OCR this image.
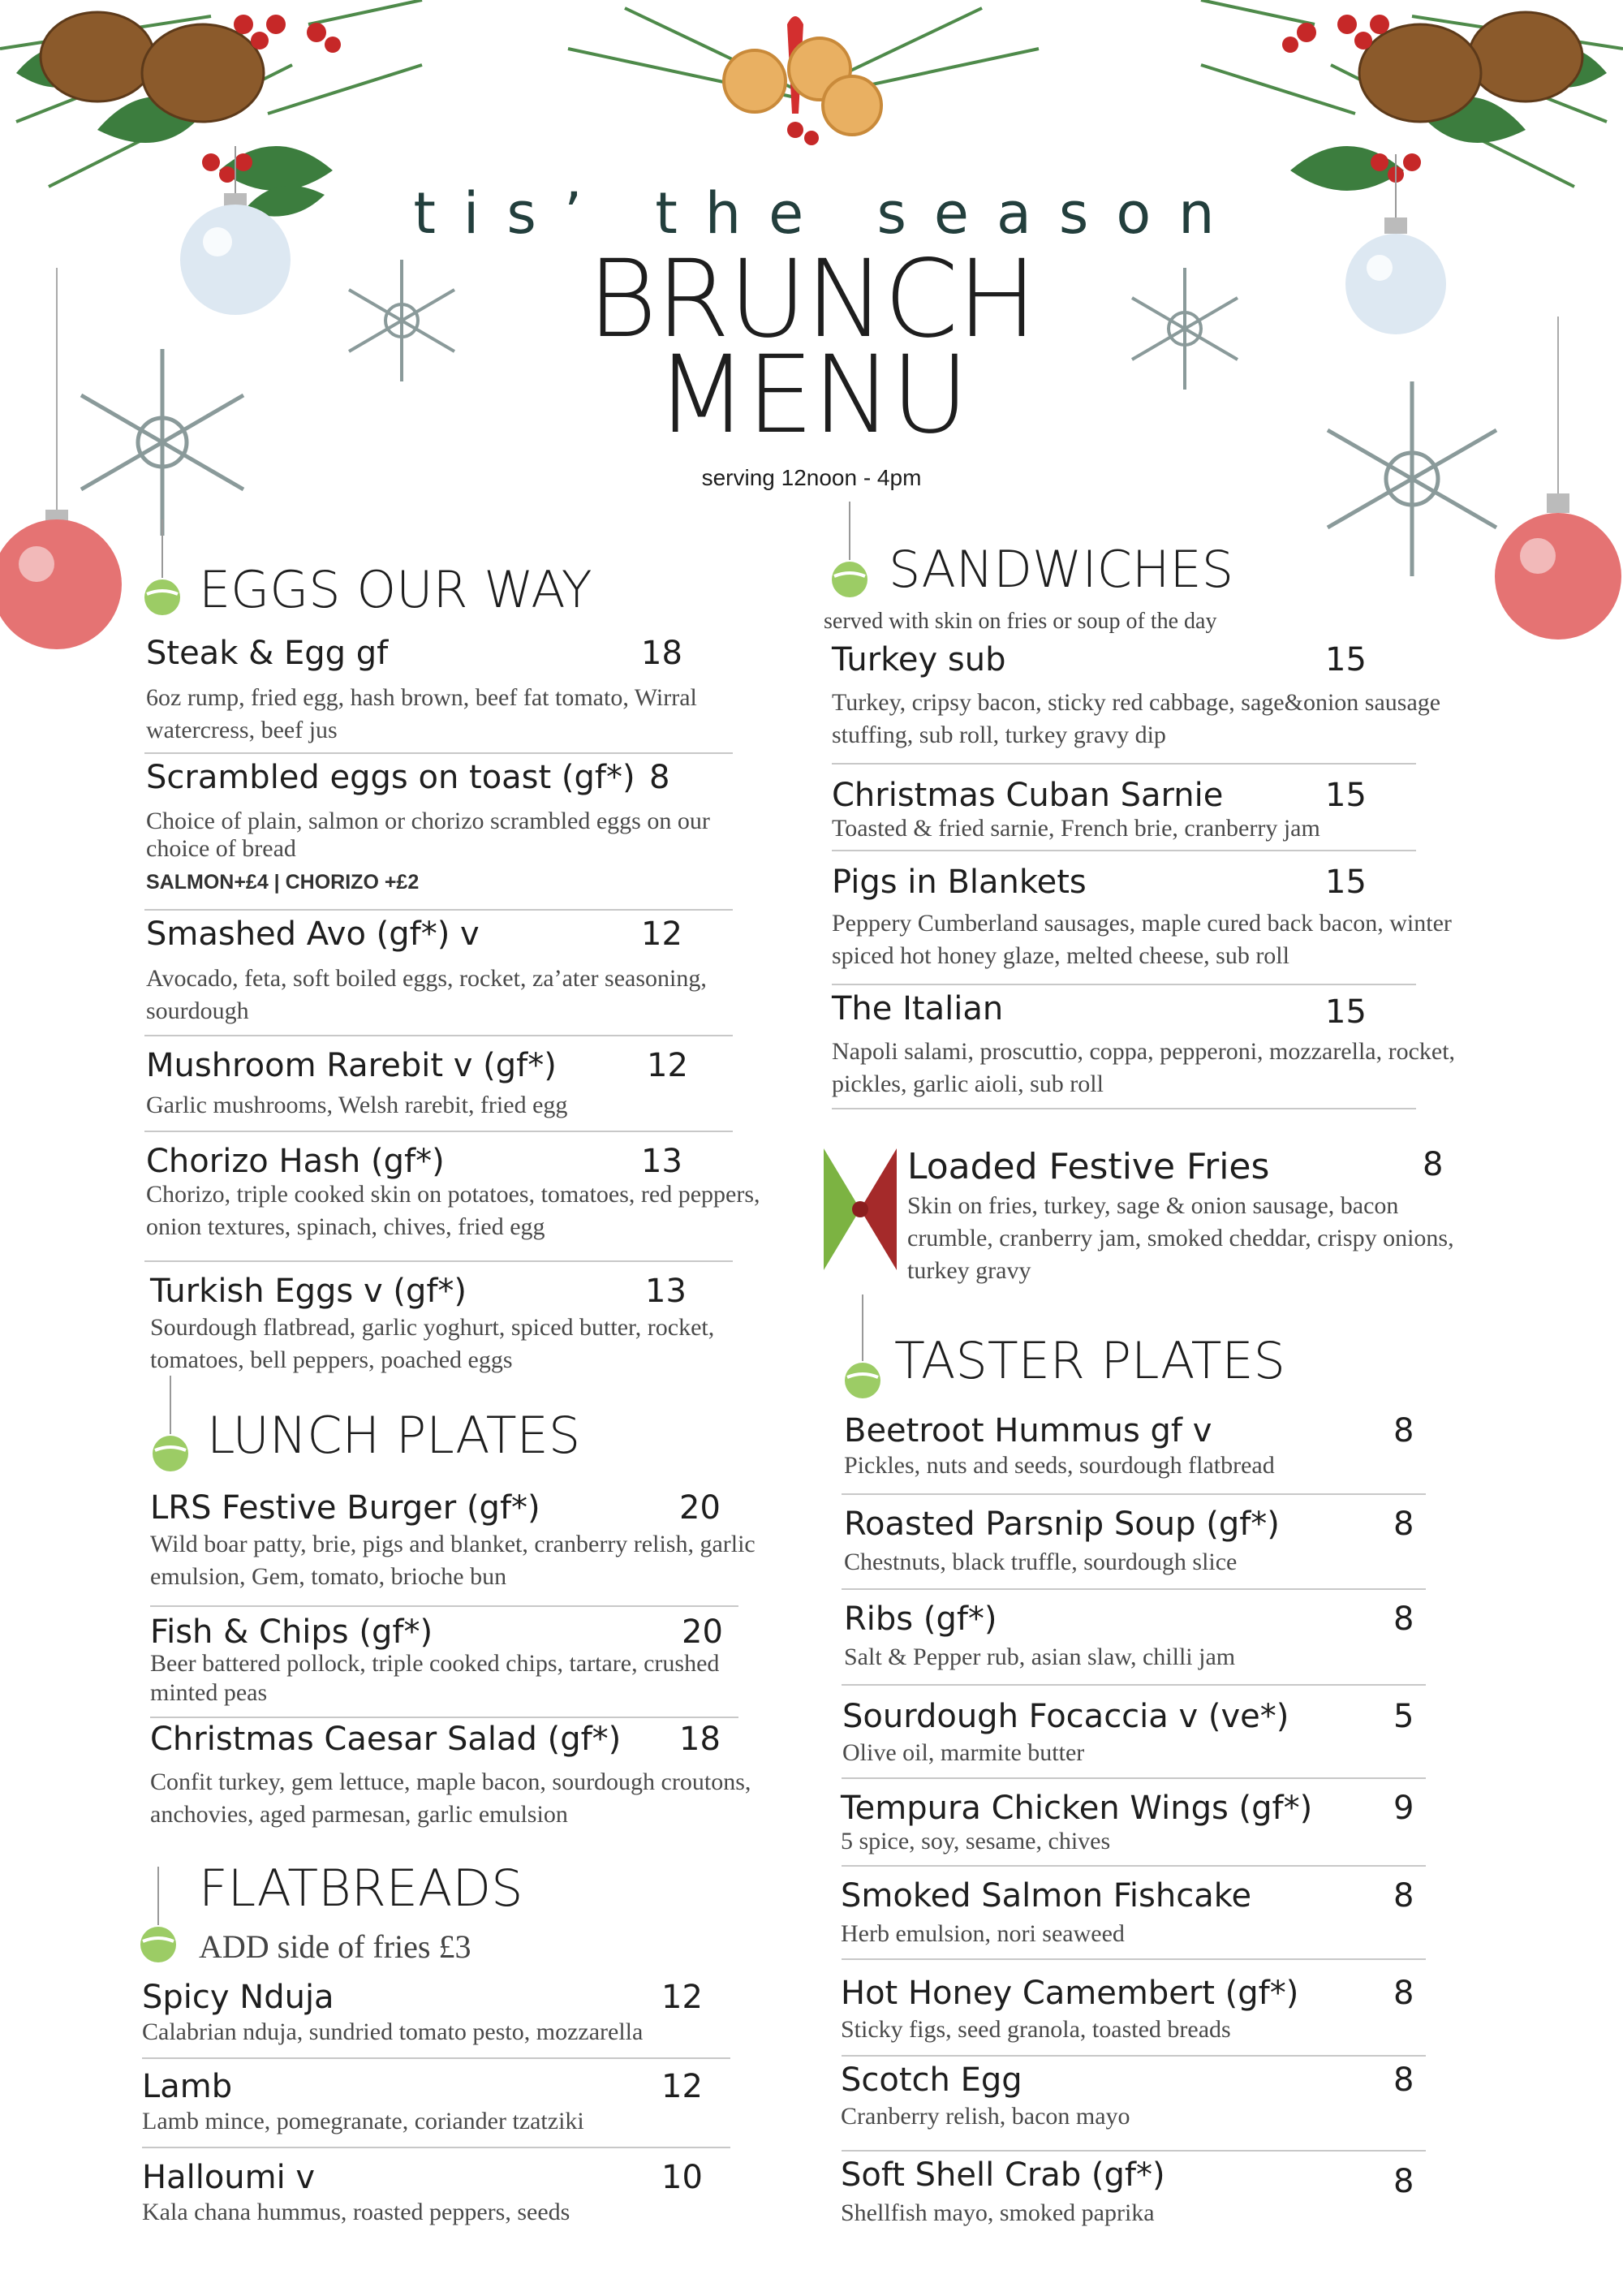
tis’ the season
BRUNCH
MENU
serving 12noon - 4pm
EGGS OUR WAY
Steak & Egg gf	18
6oz rump, fried egg, hash brown, beef fat tomato, Wirral watercress, beef jus
Scrambled eggs on toast (gf*) 8
Choice of plain, salmon or chorizo scrambled eggs on our choice of bread
SALMON+£4 | CHORIZO +£2
Smashed Avo (gf*) v	12
Avocado, feta, soft boiled eggs, rocket, za’ater seasoning, sourdough
Mushroom Rarebit v (gf*)	12
Garlic mushrooms, Welsh rarebit, fried egg
Chorizo Hash (gf*)	13
Chorizo, triple cooked skin on potatoes, tomatoes, red peppers, onion textures, spinach, chives, fried egg
Turkish Eggs v (gf*)	13
Sourdough flatbread, garlic yoghurt, spiced butter, rocket, tomatoes, bell peppers, poached eggs
LUNCH PLATES
LRS Festive Burger (gf*)	20
Wild boar patty, brie, pigs and blanket, cranberry relish, garlic emulsion, Gem, tomato, brioche bun
Fish & Chips (gf*)	20
Beer battered pollock, triple cooked chips, tartare, crushed minted peas
Christmas Caesar Salad (gf*) 18
Confit turkey, gem lettuce, maple bacon, sourdough croutons, anchovies, aged parmesan, garlic emulsion
FLATBREADS
ADD side of fries £3
Spicy Nduja	12
Calabrian nduja, sundried tomato pesto, mozzarella
Lamb	12
Lamb mince, pomegranate, coriander tzatziki
Halloumi v	10
Kala chana hummus, roasted peppers, seeds
SANDWICHES
served with skin on fries or soup of the day
Turkey sub	15
Turkey, cripsy bacon, sticky red cabbage, sage&onion sausage stuffing, sub roll, turkey gravy dip
Christmas Cuban Sarnie	15
Toasted & fried sarnie, French brie, cranberry jam
Pigs in Blankets	15
Peppery Cumberland sausages, maple cured back bacon, winter spiced hot honey glaze, melted cheese, sub roll
The Italian	15
Napoli salami, proscuttio, coppa, pepperoni, mozzarella, rocket, pickles, garlic aioli, sub roll
Loaded Festive Fries	8
Skin on fries, turkey, sage & onion sausage, bacon crumble, cranberry jam, smoked cheddar, crispy onions, turkey gravy
TASTER PLATES
Beetroot Hummus gf v	8
Pickles, nuts and seeds, sourdough flatbread
Roasted Parsnip Soup (gf*)	8
Chestnuts, black truffle, sourdough slice
Ribs (gf*)	8
Salt & Pepper rub, asian slaw, chilli jam
Sourdough Focaccia v (ve*)	5
Olive oil, marmite butter
Tempura Chicken Wings (gf*) 9
5 spice, soy, sesame, chives
Smoked Salmon Fishcake	8
Herb emulsion, nori seaweed
Hot Honey Camembert (gf*)	8
Sticky figs, seed granola, toasted breads
Scotch Egg	8
Cranberry relish, bacon mayo
Soft Shell Crab (gf*)	8
Shellfish mayo, smoked paprika
